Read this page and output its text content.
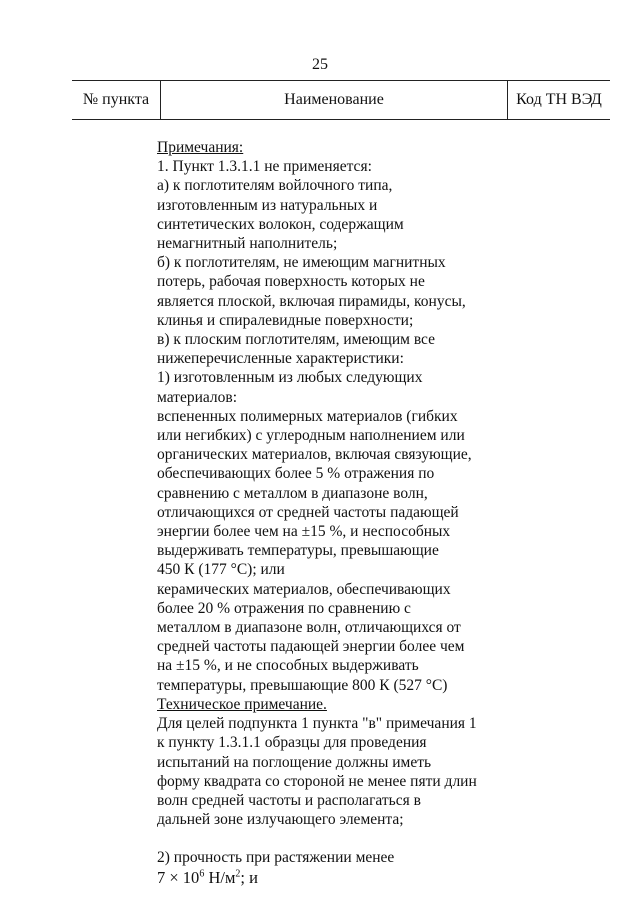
25
№ пункта	Наименование	Код ТН ВЭД
Примечания:
1. Пункт 1.3.1.1 не применяется:
а) к поглотителям войлочного типа,
изготовленным из натуральных и
синтетических волокон, содержащим
немагнитный наполнитель;
б) к поглотителям, не имеющим магнитных
потерь, рабочая поверхность которых не
является плоской, включая пирамиды, конусы,
клинья и спиралевидные поверхности;
в) к плоским поглотителям, имеющим все
нижеперечисленные характеристики:
1) изготовленным из любых следующих
материалов:
вспененных полимерных материалов (гибких
или негибких) с углеродным наполнением или
органических материалов, включая связующие,
обеспечивающих более 5 % отражения по
сравнению с металлом в диапазоне волн,
отличающихся от средней частоты падающей
энергии более чем на ±15 %, и неспособных
выдерживать температуры, превышающие
450 К (177 °С); или
керамических материалов, обеспечивающих
более 20 % отражения по сравнению с
металлом в диапазоне волн, отличающихся от
средней частоты падающей энергии более чем
на ±15 %, и не способных выдерживать
температуры, превышающие 800 К (527 °С)
Техническое примечание.
Для целей подпункта 1 пункта "в" примечания 1
к пункту 1.3.1.1 образцы для проведения
испытаний на поглощение должны иметь
форму квадрата со стороной не менее пяти длин
волн средней частоты и располагаться в
дальней зоне излучающего элемента;
2) прочность при растяжении менее
$7 \times 10^6$ $Н/м^2$; и
